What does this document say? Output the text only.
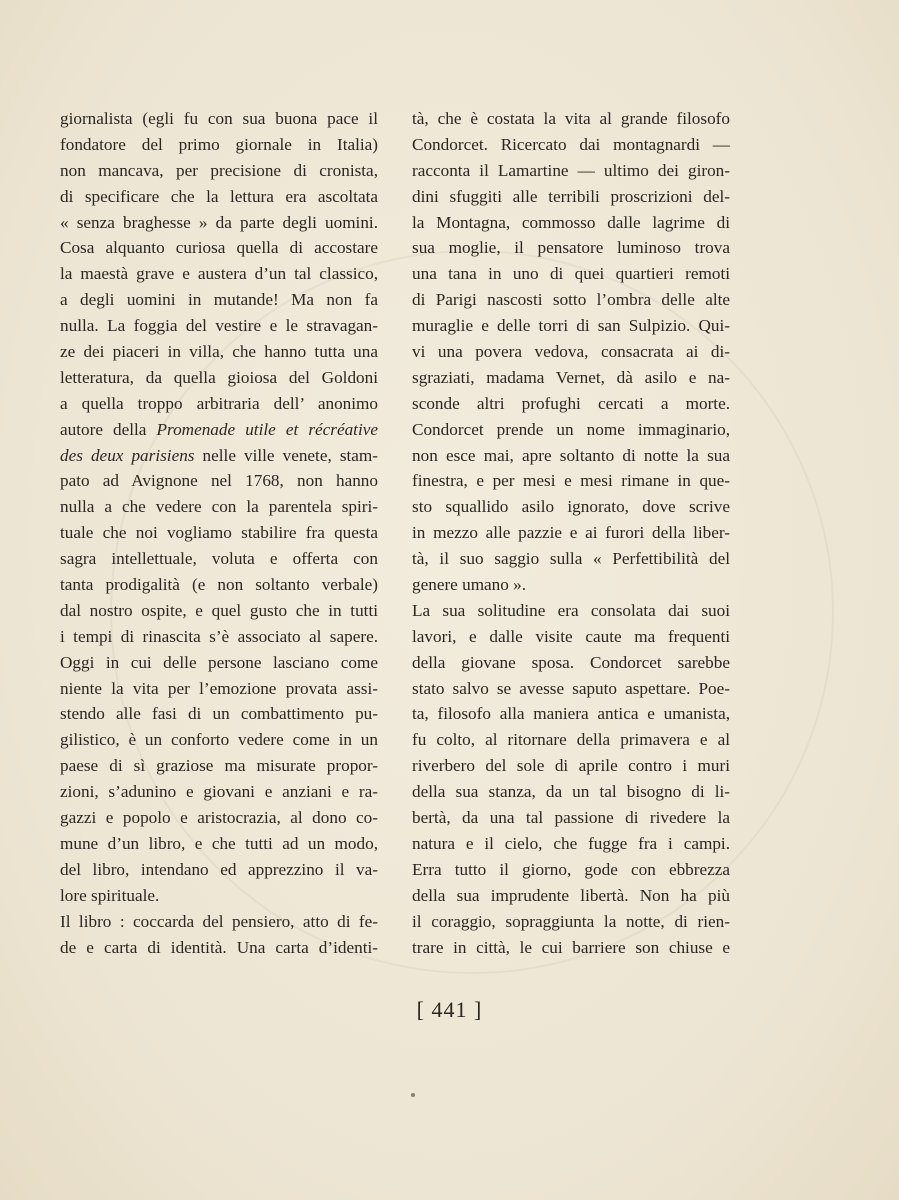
giornalista (egli fu con sua buona pace il
fondatore del primo giornale in Italia)
non mancava, per precisione di cronista,
di specificare che la lettura era ascoltata
« senza braghesse » da parte degli uomini.
Cosa alquanto curiosa quella di accostare
la maestà grave e austera d’un tal classico,
a degli uomini in mutande! Ma non fa
nulla. La foggia del vestire e le stravagan-
ze dei piaceri in villa, che hanno tutta una
letteratura, da quella gioiosa del Goldoni
a quella troppo arbitraria dell’ anonimo
autore della Promenade utile et récréative
des deux parisiens nelle ville venete, stam-
pato ad Avignone nel 1768, non hanno
nulla a che vedere con la parentela spiri-
tuale che noi vogliamo stabilire fra questa
sagra intellettuale, voluta e offerta con
tanta prodigalità (e non soltanto verbale)
dal nostro ospite, e quel gusto che in tutti
i tempi di rinascita s’è associato al sapere.
Oggi in cui delle persone lasciano come
niente la vita per l’emozione provata assi-
stendo alle fasi di un combattimento pu-
gilistico, è un conforto vedere come in un
paese di sì graziose ma misurate propor-
zioni, s’adunino e giovani e anziani e ra-
gazzi e popolo e aristocrazia, al dono co-
mune d’un libro, e che tutti ad un modo,
del libro, intendano ed apprezzino il va-
lore spirituale.
Il libro : coccarda del pensiero, atto di fe-
de e carta di identità. Una carta d’identi-
tà, che è costata la vita al grande filosofo
Condorcet. Ricercato dai montagnardi —
racconta il Lamartine — ultimo dei giron-
dini sfuggiti alle terribili proscrizioni del-
la Montagna, commosso dalle lagrime di
sua moglie, il pensatore luminoso trova
una tana in uno di quei quartieri remoti
di Parigi nascosti sotto l’ombra delle alte
muraglie e delle torri di san Sulpizio. Qui-
vi una povera vedova, consacrata ai di-
sgraziati, madama Vernet, dà asilo e na-
sconde altri profughi cercati a morte.
Condorcet prende un nome immaginario,
non esce mai, apre soltanto di notte la sua
finestra, e per mesi e mesi rimane in que-
sto squallido asilo ignorato, dove scrive
in mezzo alle pazzie e ai furori della liber-
tà, il suo saggio sulla « Perfettibilità del
genere umano ».
La sua solitudine era consolata dai suoi
lavori, e dalle visite caute ma frequenti
della giovane sposa. Condorcet sarebbe
stato salvo se avesse saputo aspettare. Poe-
ta, filosofo alla maniera antica e umanista,
fu colto, al ritornare della primavera e al
riverbero del sole di aprile contro i muri
della sua stanza, da un tal bisogno di li-
bertà, da una tal passione di rivedere la
natura e il cielo, che fugge fra i campi.
Erra tutto il giorno, gode con ebbrezza
della sua imprudente libertà. Non ha più
il coraggio, sopraggiunta la notte, di rien-
trare in città, le cui barriere son chiuse e
[ 441 ]
